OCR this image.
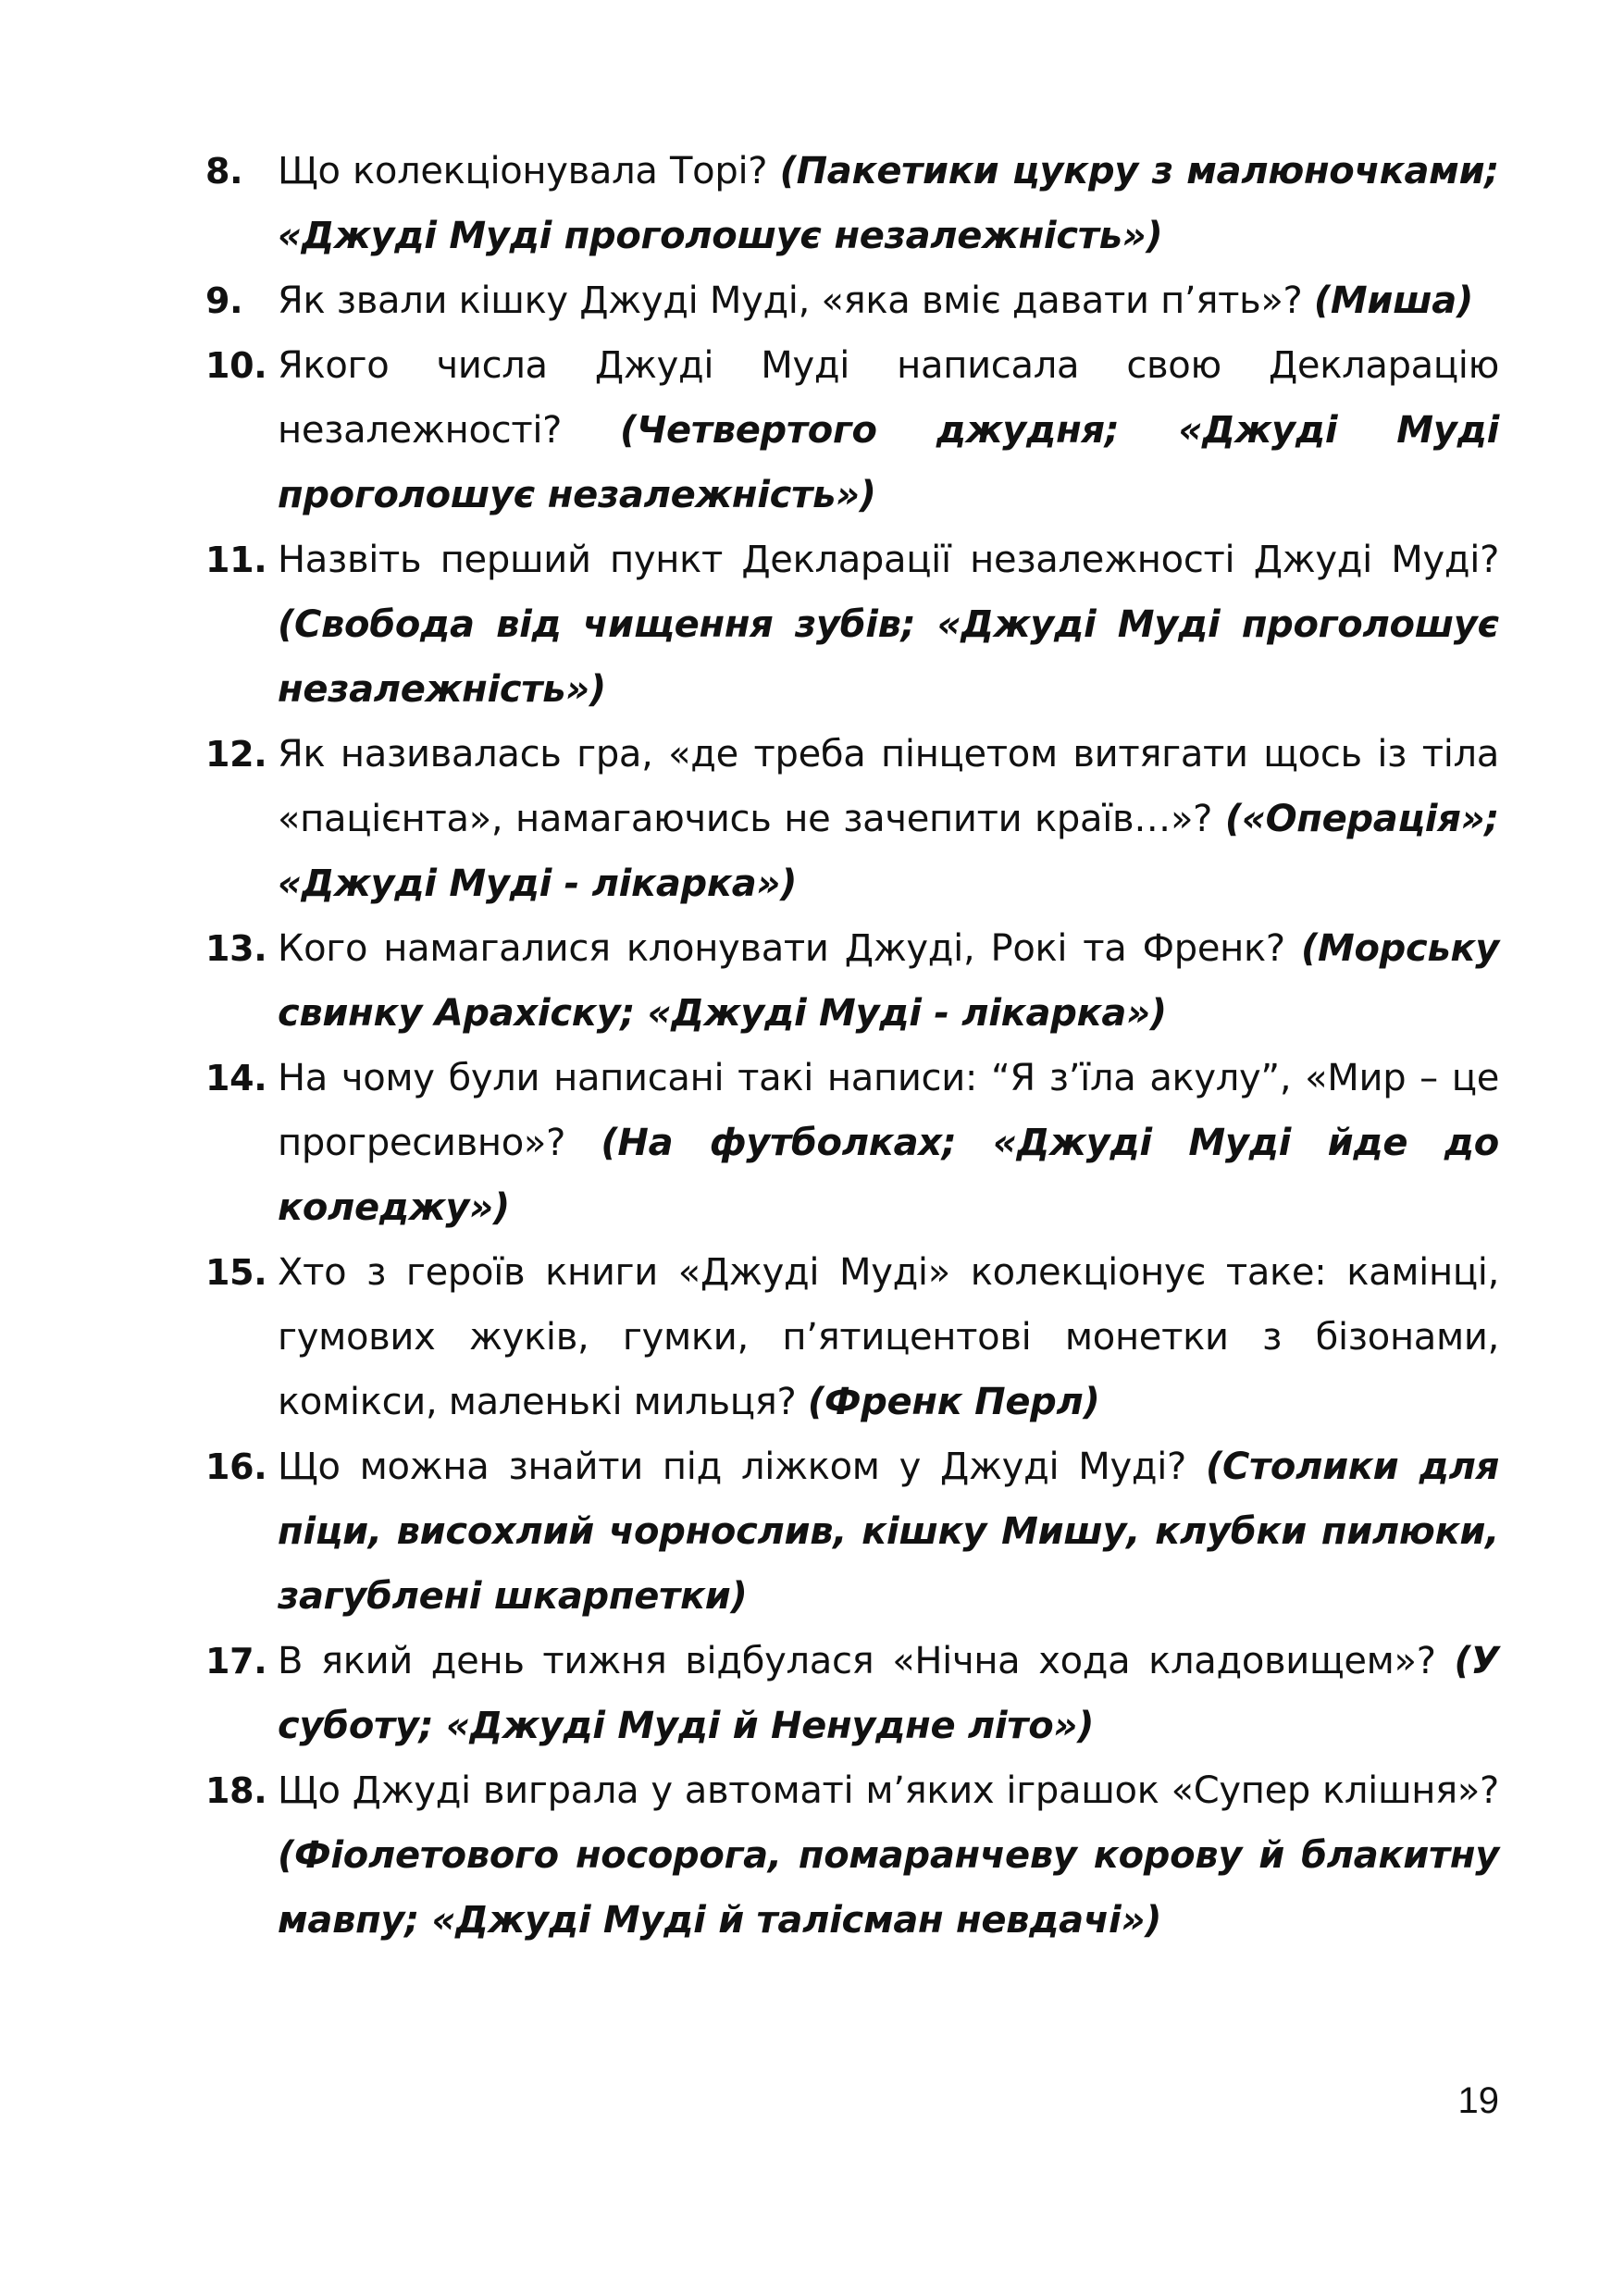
8. Що колекціонувала Торі? (Пакетики цукру з малюночками; «Джуді Муді проголошує незалежність»)
9. Як звали кішку Джуді Муді, «яка вміє давати п’ять»? (Миша)
10. Якого числа Джуді Муді написала свою Декларацію незалежності? (Четвертого джудня; «Джуді Муді проголошує незалежність»)
11. Назвіть перший пункт Декларації незалежності Джуді Муді? (Свобода від чищення зубів; «Джуді Муді проголошує незалежність»)
12. Як називалась гра, «де треба пінцетом витягати щось із тіла «пацієнта», намагаючись не зачепити країв…»? («Операція»; «Джуді Муді - лікарка»)
13. Кого намагалися клонувати Джуді, Рокі та Френк? (Морську свинку Арахіску; «Джуді Муді - лікарка»)
14. На чому були написані такі написи: “Я з’їла акулу”, «Мир – це прогресивно»? (На футболках; «Джуді Муді йде до коледжу»)
15. Хто з героїв книги «Джуді Муді» колекціонує таке: камінці, гумових жуків, гумки, п’ятицентові монетки з бізонами, комікси, маленькі мильця? (Френк Перл)
16. Що можна знайти під ліжком у Джуді Муді? (Столики для піци, висохлий чорнослив, кішку Мишу, клубки пилюки, загублені шкарпетки)
17. В який день тижня відбулася «Нічна хода кладовищем»? (У суботу; «Джуді Муді й Ненудне літо»)
18. Що Джуді виграла у автоматі м’яких іграшок «Супер клішня»? (Фіолетового носорога, помаранчеву корову й блакитну мавпу; «Джуді Муді й талісман невдачі»)
19
